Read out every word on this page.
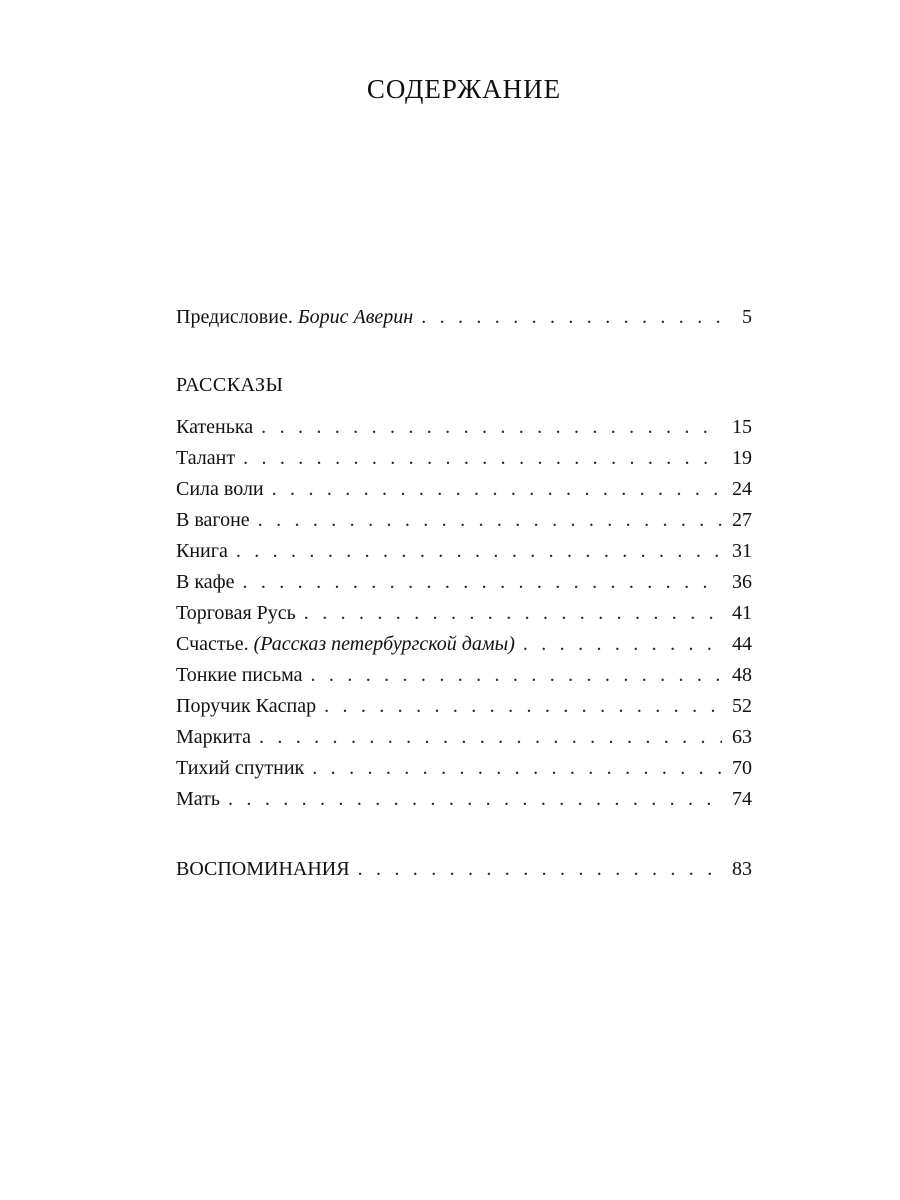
СОДЕРЖАНИЕ
Предисловие. Борис Аверин . . .	5
РАССКАЗЫ
Катенька . . .	15
Талант . . .	19
Сила воли . . .	24
В вагоне . . .	27
Книга . . .	31
В кафе . . .	36
Торговая Русь . . .	41
Счастье. (Рассказ петербургской дамы) . . .	44
Тонкие письма . . .	48
Поручик Каспар . . .	52
Маркита . . .	63
Тихий спутник . . .	70
Мать . . .	74
ВОСПОМИНАНИЯ . . .	83
